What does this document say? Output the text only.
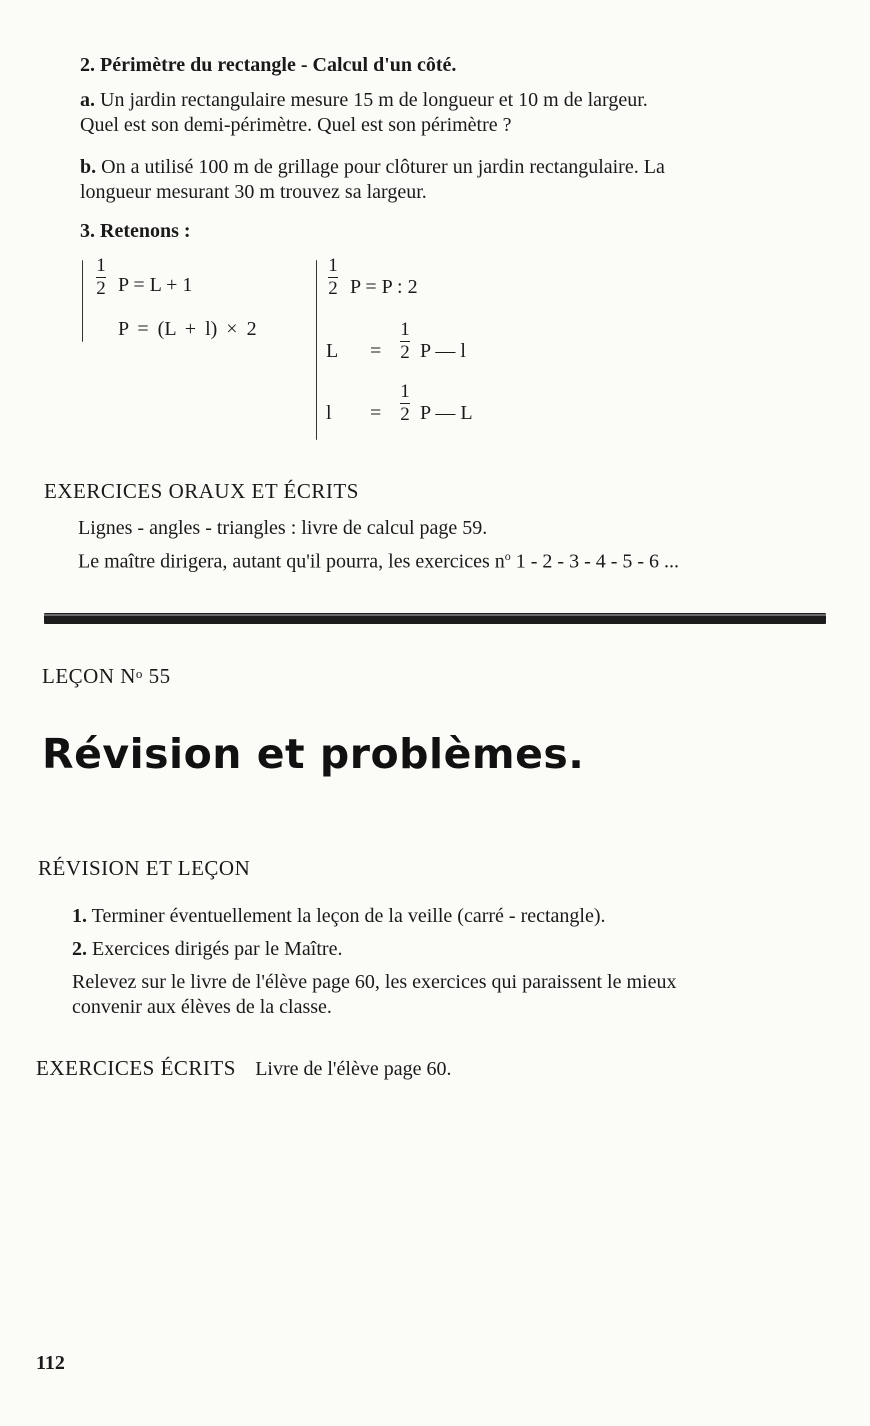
2. Périmètre du rectangle - Calcul d'un côté.
a. Un jardin rectangulaire mesure 15 m de longueur et 10 m de largeur.
Quel est son demi-périmètre. Quel est son périmètre ?
b. On a utilisé 100 m de grillage pour clôturer un jardin rectangulaire. La
longueur mesurant 30 m trouvez sa largeur.
3. Retenons :
1
2 P = L + 1
P = (L + l) × 2
1
2 P = P : 2
L =
1
2 P — l
l =
1
2 P — L
EXERCICES ORAUX ET ÉCRITS
Lignes - angles - triangles : livre de calcul page 59.
Le maître dirigera, autant qu'il pourra, les exercices $n^o$ 1 - 2 - 3 - 4 - 5 - 6 ...
LEÇON $N^o$ 55
Révision et problèmes.
RÉVISION ET LEÇON
1. Terminer éventuellement la leçon de la veille (carré - rectangle).
2. Exercices dirigés par le Maître.
Relevez sur le livre de l'élève page 60, les exercices qui paraissent le mieux
convenir aux élèves de la classe.
EXERCICES ÉCRITS Livre de l'élève page 60.
112
